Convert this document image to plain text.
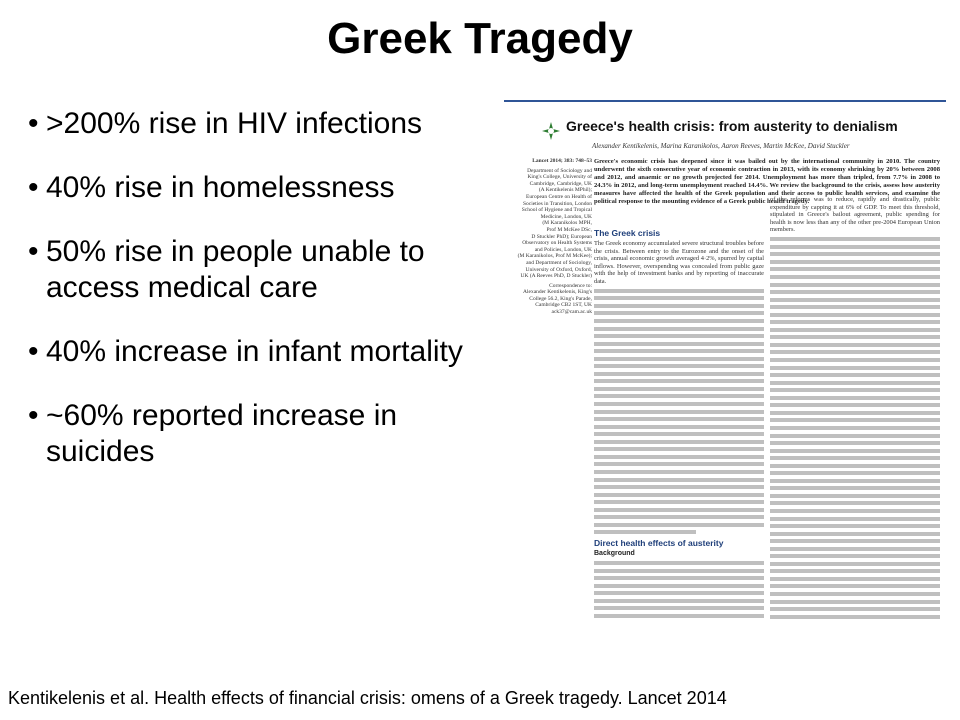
Greek Tragedy
• >200% rise in HIV infections
• 40% rise in homelessness
• 50% rise in people unable to access medical care
• 40% increase in infant mortality
• ~60% reported increase in suicides
Greece's health crisis: from austerity to denialism
Alexander Kentikelenis, Marina Karanikolos, Aaron Reeves, Martin McKee, David Stuckler
Lancet 2014; 383: 748–53
Department of Sociology and
King's College, University of
Cambridge, Cambridge, UK
(A Kentikelenis MPhil);
European Centre on Health of
Societies in Transition, London
School of Hygiene and Tropical
Medicine, London, UK
(M Karanikolos MPH,
Prof M McKee DSc,
D Stuckler PhD); European
Observatory on Health Systems
and Policies, London, UK
(M Karanikolos, Prof M McKee);
and Department of Sociology,
University of Oxford, Oxford,
UK (A Reeves PhD, D Stuckler)
Correspondence to:
Alexander Kentikelenis, King's
College 56.2, King's Parade,
Cambridge CB2 1ST, UK
ack37@cam.ac.uk
Greece's economic crisis has deepened since it was bailed out by the international community in 2010. The country underwent the sixth consecutive year of economic contraction in 2013, with its economy shrinking by 20% between 2008 and 2012, and anaemic or no growth projected for 2014. Unemployment has more than tripled, from 7.7% in 2008 to 24.3% in 2012, and long-term unemployment reached 14.4%. We review the background to the crisis, assess how austerity measures have affected the health of the Greek population and their access to public health services, and examine the political response to the mounting evidence of a Greek public health tragedy.
The Greek crisis
The Greek economy accumulated severe structural troubles before the crisis. Between entry to the Eurozone and the onset of the crisis, annual economic growth averaged 4·2%, spurred by capital inflows. However, overspending was concealed from public gaze with the help of investment banks and by reporting of inaccurate data.
Direct health effects of austerity
Background
of the reforms was to reduce, rapidly and drastically, public expenditure by capping it at 6% of GDP. To meet this threshold, stipulated in Greece's bailout agreement, public spending for health is now less than any of the other pre-2004 European Union members.
Kentikelenis et al. Health effects of financial crisis: omens of a Greek tragedy. Lancet 2014
